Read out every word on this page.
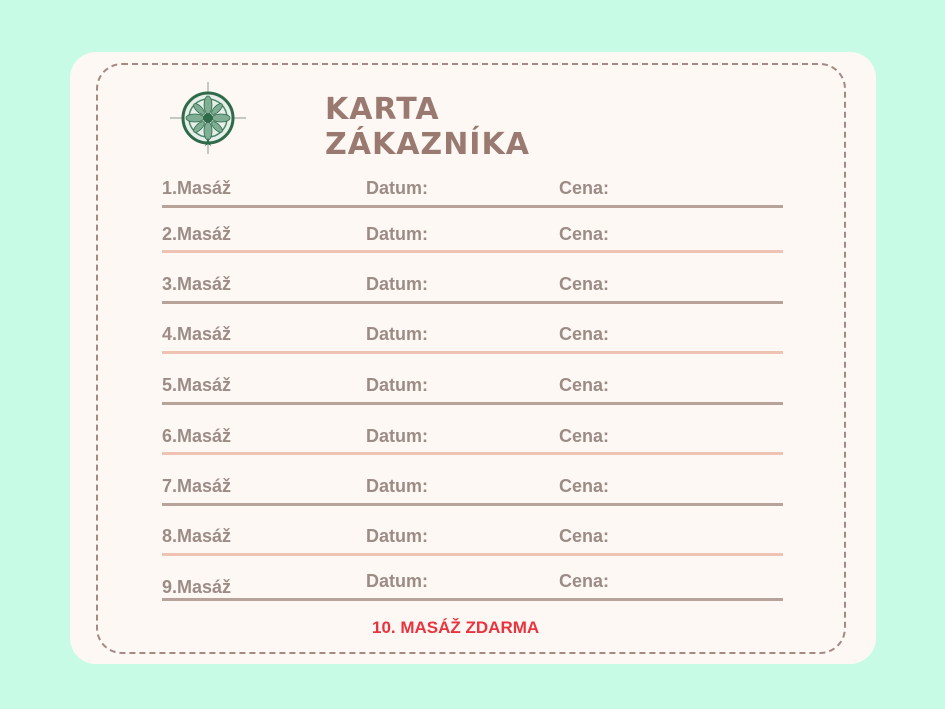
KARTA ZÁKAZNÍKA
1.Masáž	Datum:	Cena:
2.Masáž	Datum:	Cena:
3.Masáž	Datum:	Cena:
4.Masáž	Datum:	Cena:
5.Masáž	Datum:	Cena:
6.Masáž	Datum:	Cena:
7.Masáž	Datum:	Cena:
8.Masáž	Datum:	Cena:
9.Masáž	Datum:	Cena:
10. MASÁŽ ZDARMA
